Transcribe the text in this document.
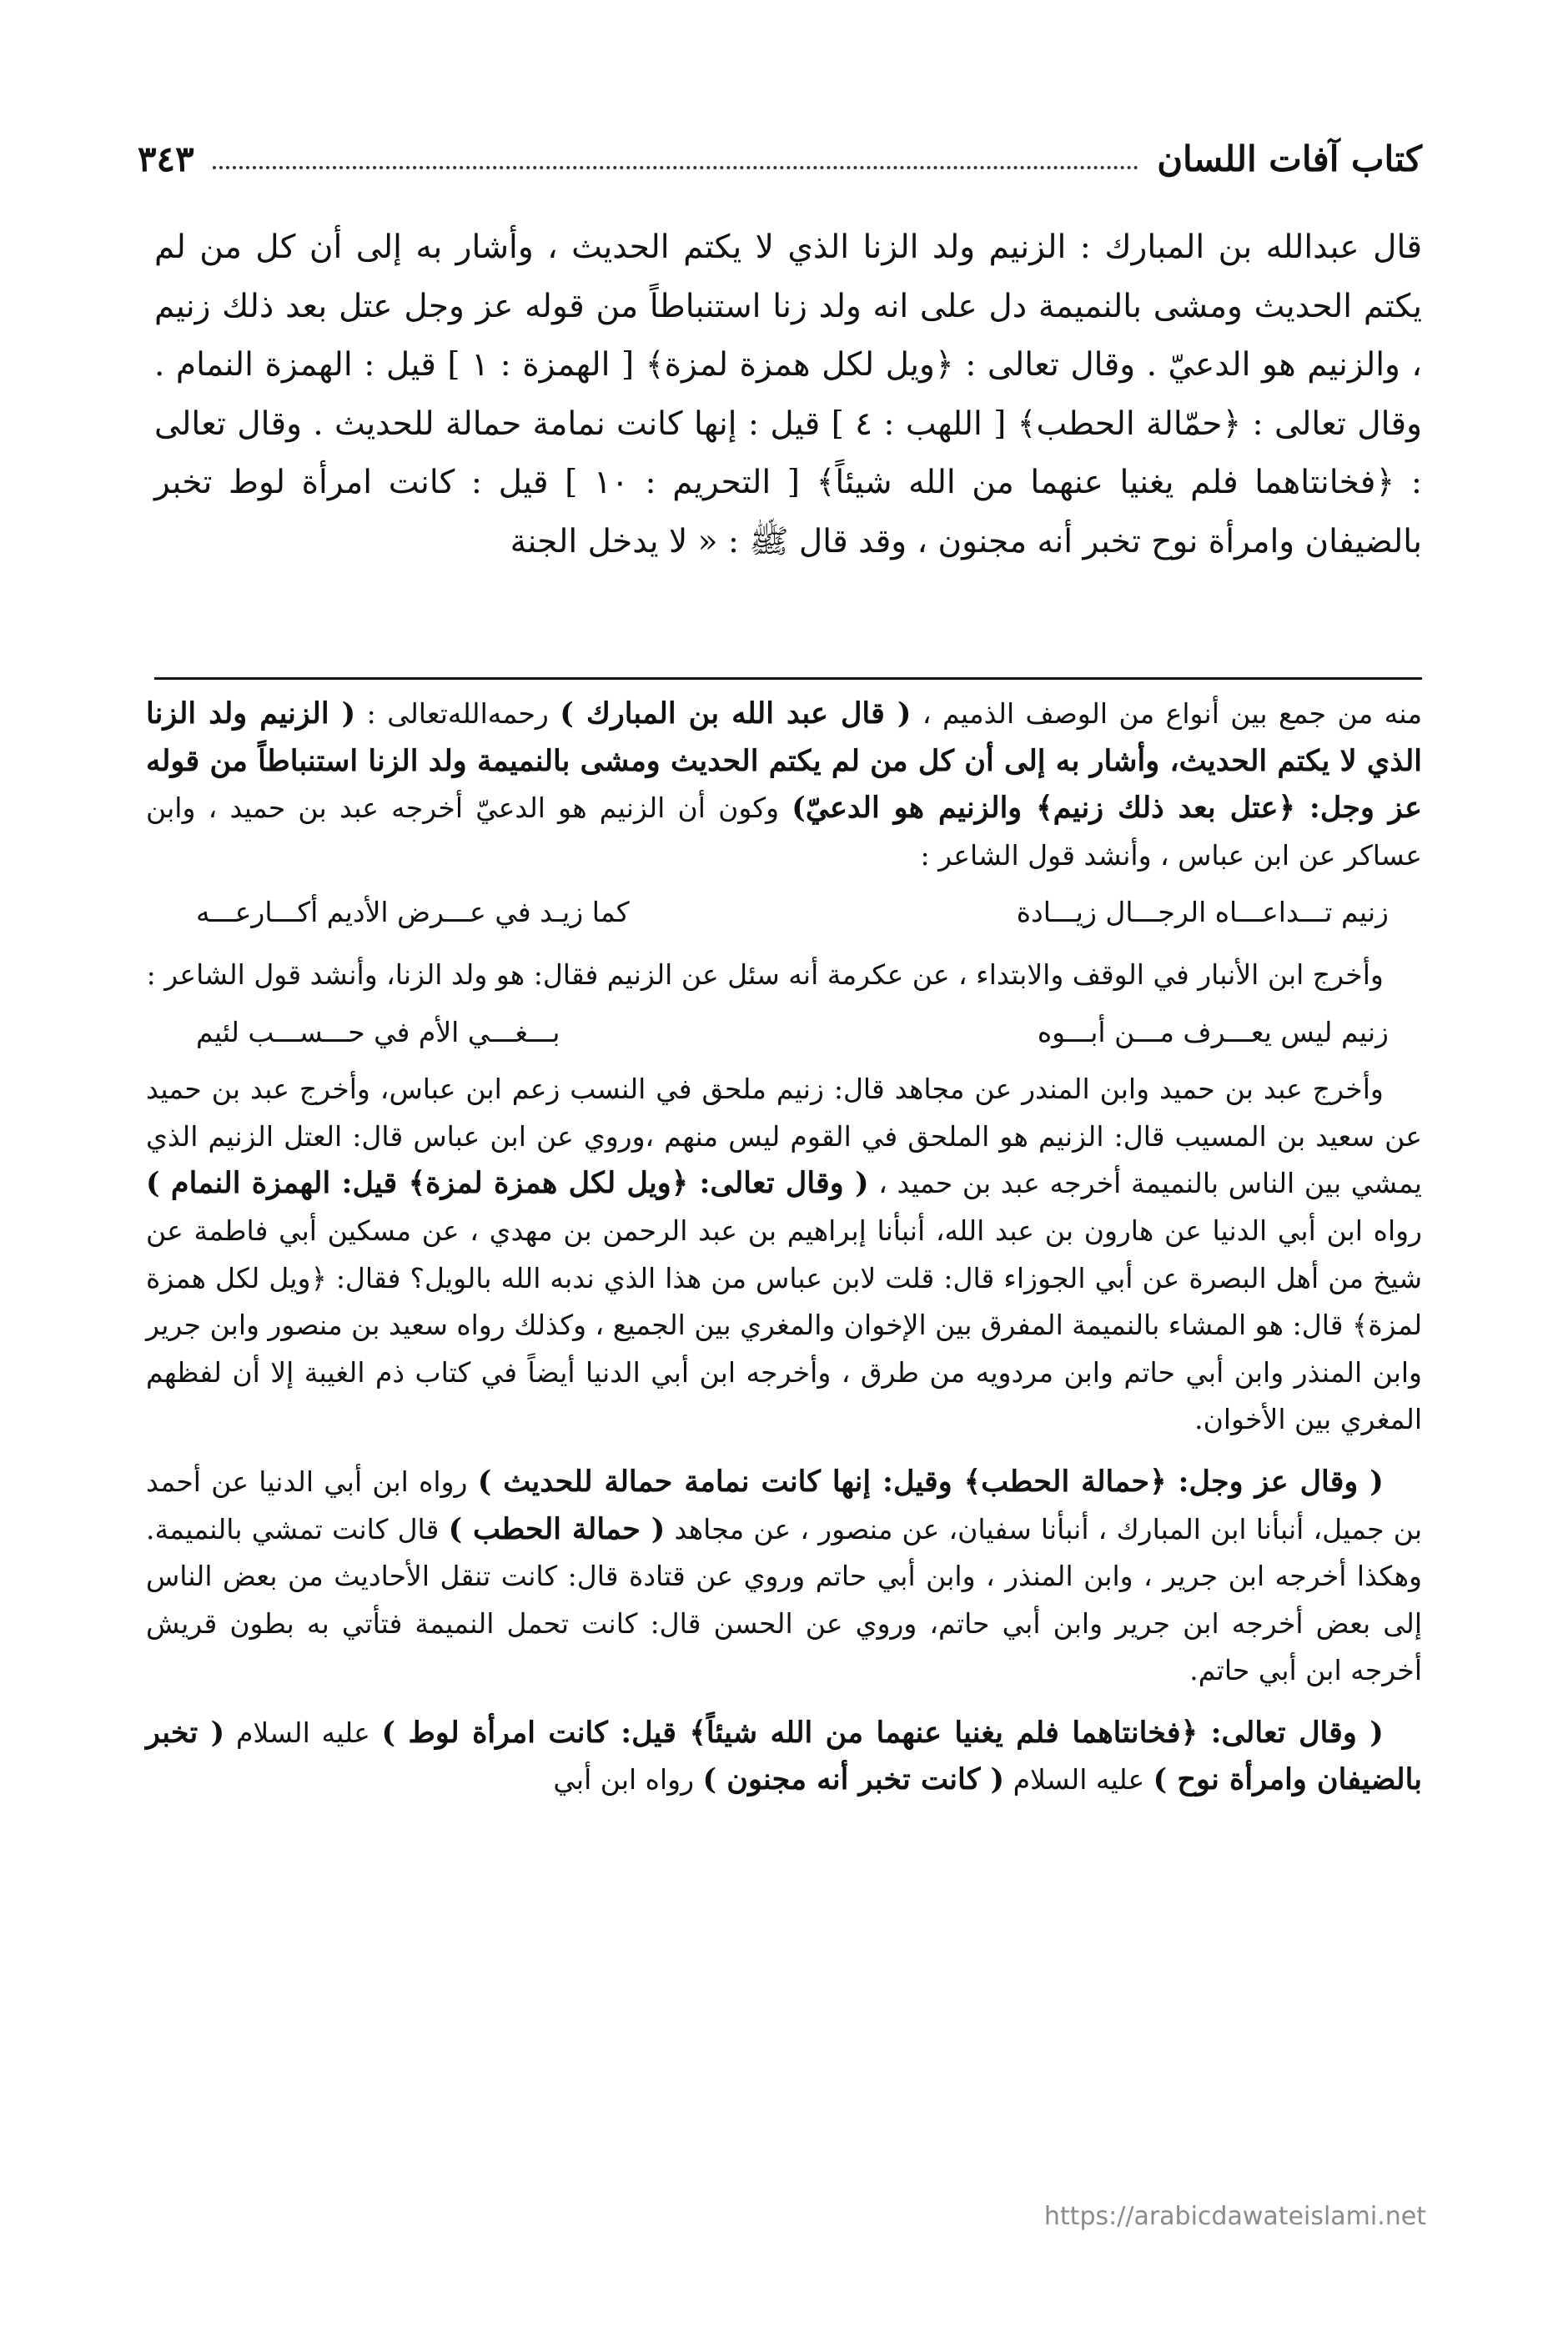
كتاب آفات اللسان
٣٤٣

قال عبدالله بن المبارك : الزنيم ولد الزنا الذي لا يكتم الحديث ، وأشار به إلى أن كل من لم يكتم الحديث ومشى بالنميمة دل على انه ولد زنا استنباطاً من قوله عز وجل عتل بعد ذلك زنيم ، والزنيم هو الدعيّ . وقال تعالى : ﴿ويل لكل همزة لمزة﴾ [ الهمزة : ١ ] قيل : الهمزة النمام . وقال تعالى : ﴿حمّالة الحطب﴾ [ اللهب : ٤ ] قيل : إنها كانت نمامة حمالة للحديث . وقال تعالى : ﴿فخانتاهما فلم يغنيا عنهما من الله شيئاً﴾ [ التحريم : ١٠ ] قيل : كانت امرأة لوط تخبر بالضيفان وامرأة نوح تخبر أنه مجنون ، وقد قال ﷺ : « لا يدخل الجنة

منه من جمع بين أنواع من الوصف الذميم ، ( قال عبد الله بن المبارك ) رحمه‌الله‌تعالى : ( الزنيم ولد الزنا الذي لا يكتم الحديث، وأشار به إلى أن كل من لم يكتم الحديث ومشى بالنميمة ولد الزنا استنباطاً من قوله عز وجل: ﴿عتل بعد ذلك زنيم﴾ والزنيم هو الدعيّ) وكون أن الزنيم هو الدعيّ أخرجه عبد بن حميد ، وابن عساكر عن ابن عباس ، وأنشد قول الشاعر :

زنيم تـــداعـــاه الرجـــال زيـــادة
كما زيـد في عـــرض الأديم أكـــارعـــه

وأخرج ابن الأنبار في الوقف والابتداء ، عن عكرمة أنه سئل عن الزنيم فقال: هو ولد الزنا، وأنشد قول الشاعر :

زنيم ليس يعـــرف مـــن أبـــوه
بـــغـــي الأم في حـــســـب لئيم

وأخرج عبد بن حميد وابن المندر عن مجاهد قال: زنيم ملحق في النسب زعم ابن عباس، وأخرج عبد بن حميد عن سعيد بن المسيب قال: الزنيم هو الملحق في القوم ليس منهم ،وروي عن ابن عباس قال: العتل الزنيم الذي يمشي بين الناس بالنميمة أخرجه عبد بن حميد ، ( وقال تعالى: ﴿ويل لكل همزة لمزة﴾ قيل: الهمزة النمام ) رواه ابن أبي الدنيا عن هارون بن عبد الله، أنبأنا إبراهيم بن عبد الرحمن بن مهدي ، عن مسكين أبي فاطمة عن شيخ من أهل البصرة عن أبي الجوزاء قال: قلت لابن عباس من هذا الذي ندبه الله بالويل؟ فقال: ﴿ويل لكل همزة لمزة﴾ قال: هو المشاء بالنميمة المفرق بين الإخوان والمغري بين الجميع ، وكذلك رواه سعيد بن منصور وابن جرير وابن المنذر وابن أبي حاتم وابن مردويه من طرق ، وأخرجه ابن أبي الدنيا أيضاً في كتاب ذم الغيبة إلا أن لفظهم المغري بين الأخوان.

( وقال عز وجل: ﴿حمالة الحطب﴾ وقيل: إنها كانت نمامة حمالة للحديث ) رواه ابن أبي الدنيا عن أحمد بن جميل، أنبأنا ابن المبارك ، أنبأنا سفيان، عن منصور ، عن مجاهد ( حمالة الحطب ) قال كانت تمشي بالنميمة. وهكذا أخرجه ابن جرير ، وابن المنذر ، وابن أبي حاتم وروي عن قتادة قال: كانت تنقل الأحاديث من بعض الناس إلى بعض أخرجه ابن جرير وابن أبي حاتم، وروي عن الحسن قال: كانت تحمل النميمة فتأتي به بطون قريش أخرجه ابن أبي حاتم.

( وقال تعالى: ﴿فخانتاهما فلم يغنيا عنهما من الله شيئاً﴾ قيل: كانت امرأة لوط ) عليه السلام ( تخبر بالضيفان وامرأة نوح ) عليه السلام ( كانت تخبر أنه مجنون ) رواه ابن أبي

https://arabicdawateislami.net
